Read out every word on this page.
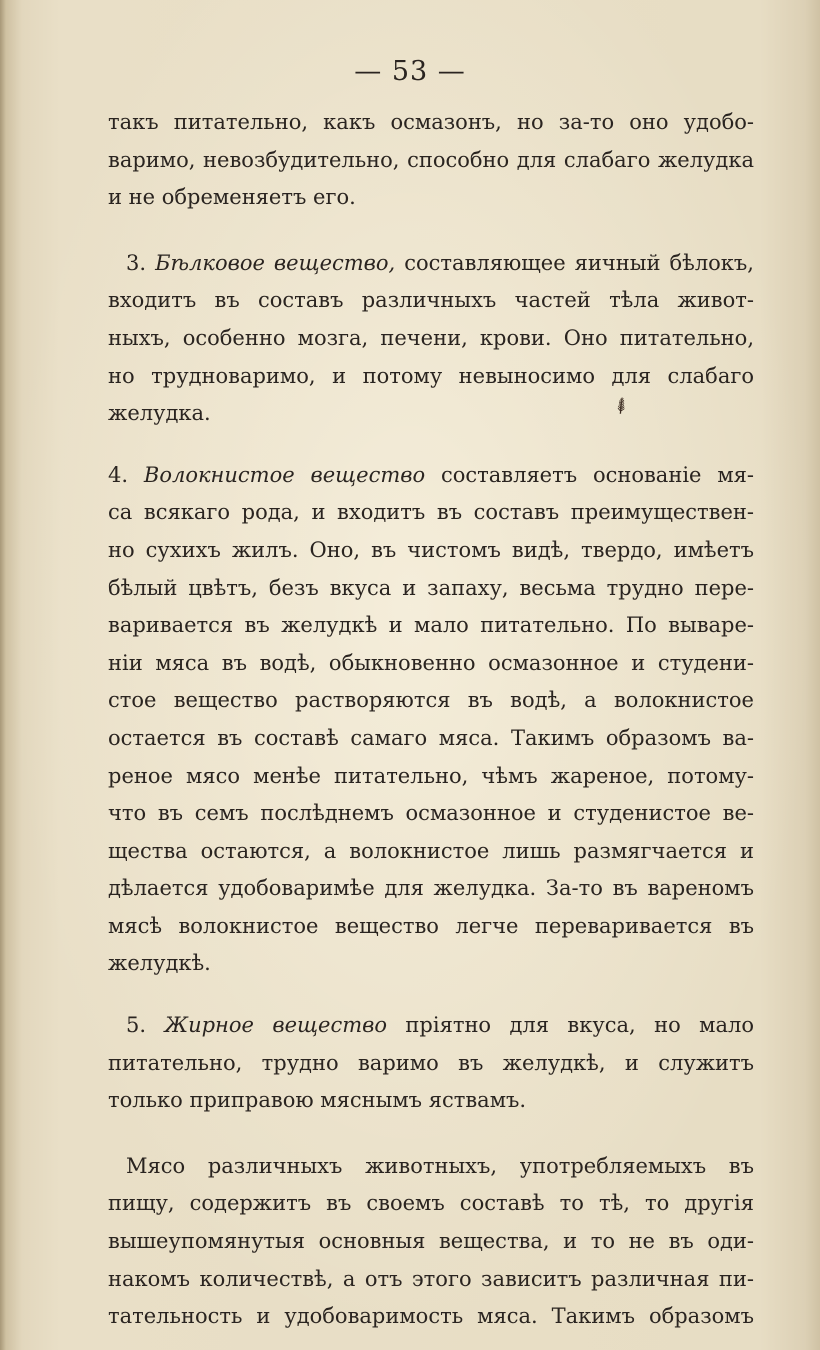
— 53 —
⸙

такъ питательно, какъ осмазонъ, но за-то оно удобо-

варимо, невозбудительно, способно для слабаго желудка

и не обременяетъ его.

3. Бѣлковое вещество, составляющее яичный бѣлокъ,

входитъ въ составъ различныхъ частей тѣла живот-

ныхъ, особенно мозга, печени, крови. Оно питательно,

но трудноваримо, и потому невыносимо для слабаго

желудка.

4. Волокнистое вещество составляетъ основаніе мя-

са всякаго рода, и входитъ въ составъ преимуществен-

но сухихъ жилъ. Оно, въ чистомъ видѣ, твердо, имѣетъ

бѣлый цвѣтъ, безъ вкуса и запаху, весьма трудно пере-

варивается въ желудкѣ и мало питательно. По выварe-

ніи мяса въ водѣ, обыкновенно осмазонное и студени-

стое вещество растворяются въ водѣ, а волокнистое

остается въ составѣ самаго мяса. Такимъ образомъ ва-

реное мясо менѣе питательно, чѣмъ жареное, потому-

что въ семъ послѣднемъ осмазонное и студенистое ве-

щества остаются, а волокнистое лишь размягчается и

дѣлается удобоваримѣе для желудка. За-то въ вареномъ

мясѣ волокнистое вещество легче переваривается въ

желудкѣ.

5. Жирное вещество пріятно для вкуса, но мало

питательно, трудно варимо въ желудкѣ, и служитъ

только приправою мяснымъ яствамъ.

Мясо различныхъ животныхъ, употребляемыхъ въ

пищу, содержитъ въ своемъ составѣ то тѣ, то другія

вышеупомянутыя основныя вещества, и то не въ оди-

накомъ количествѣ, а отъ этого зависитъ различная пи-

тательность и удобоваримость мяса. Такимъ образомъ
